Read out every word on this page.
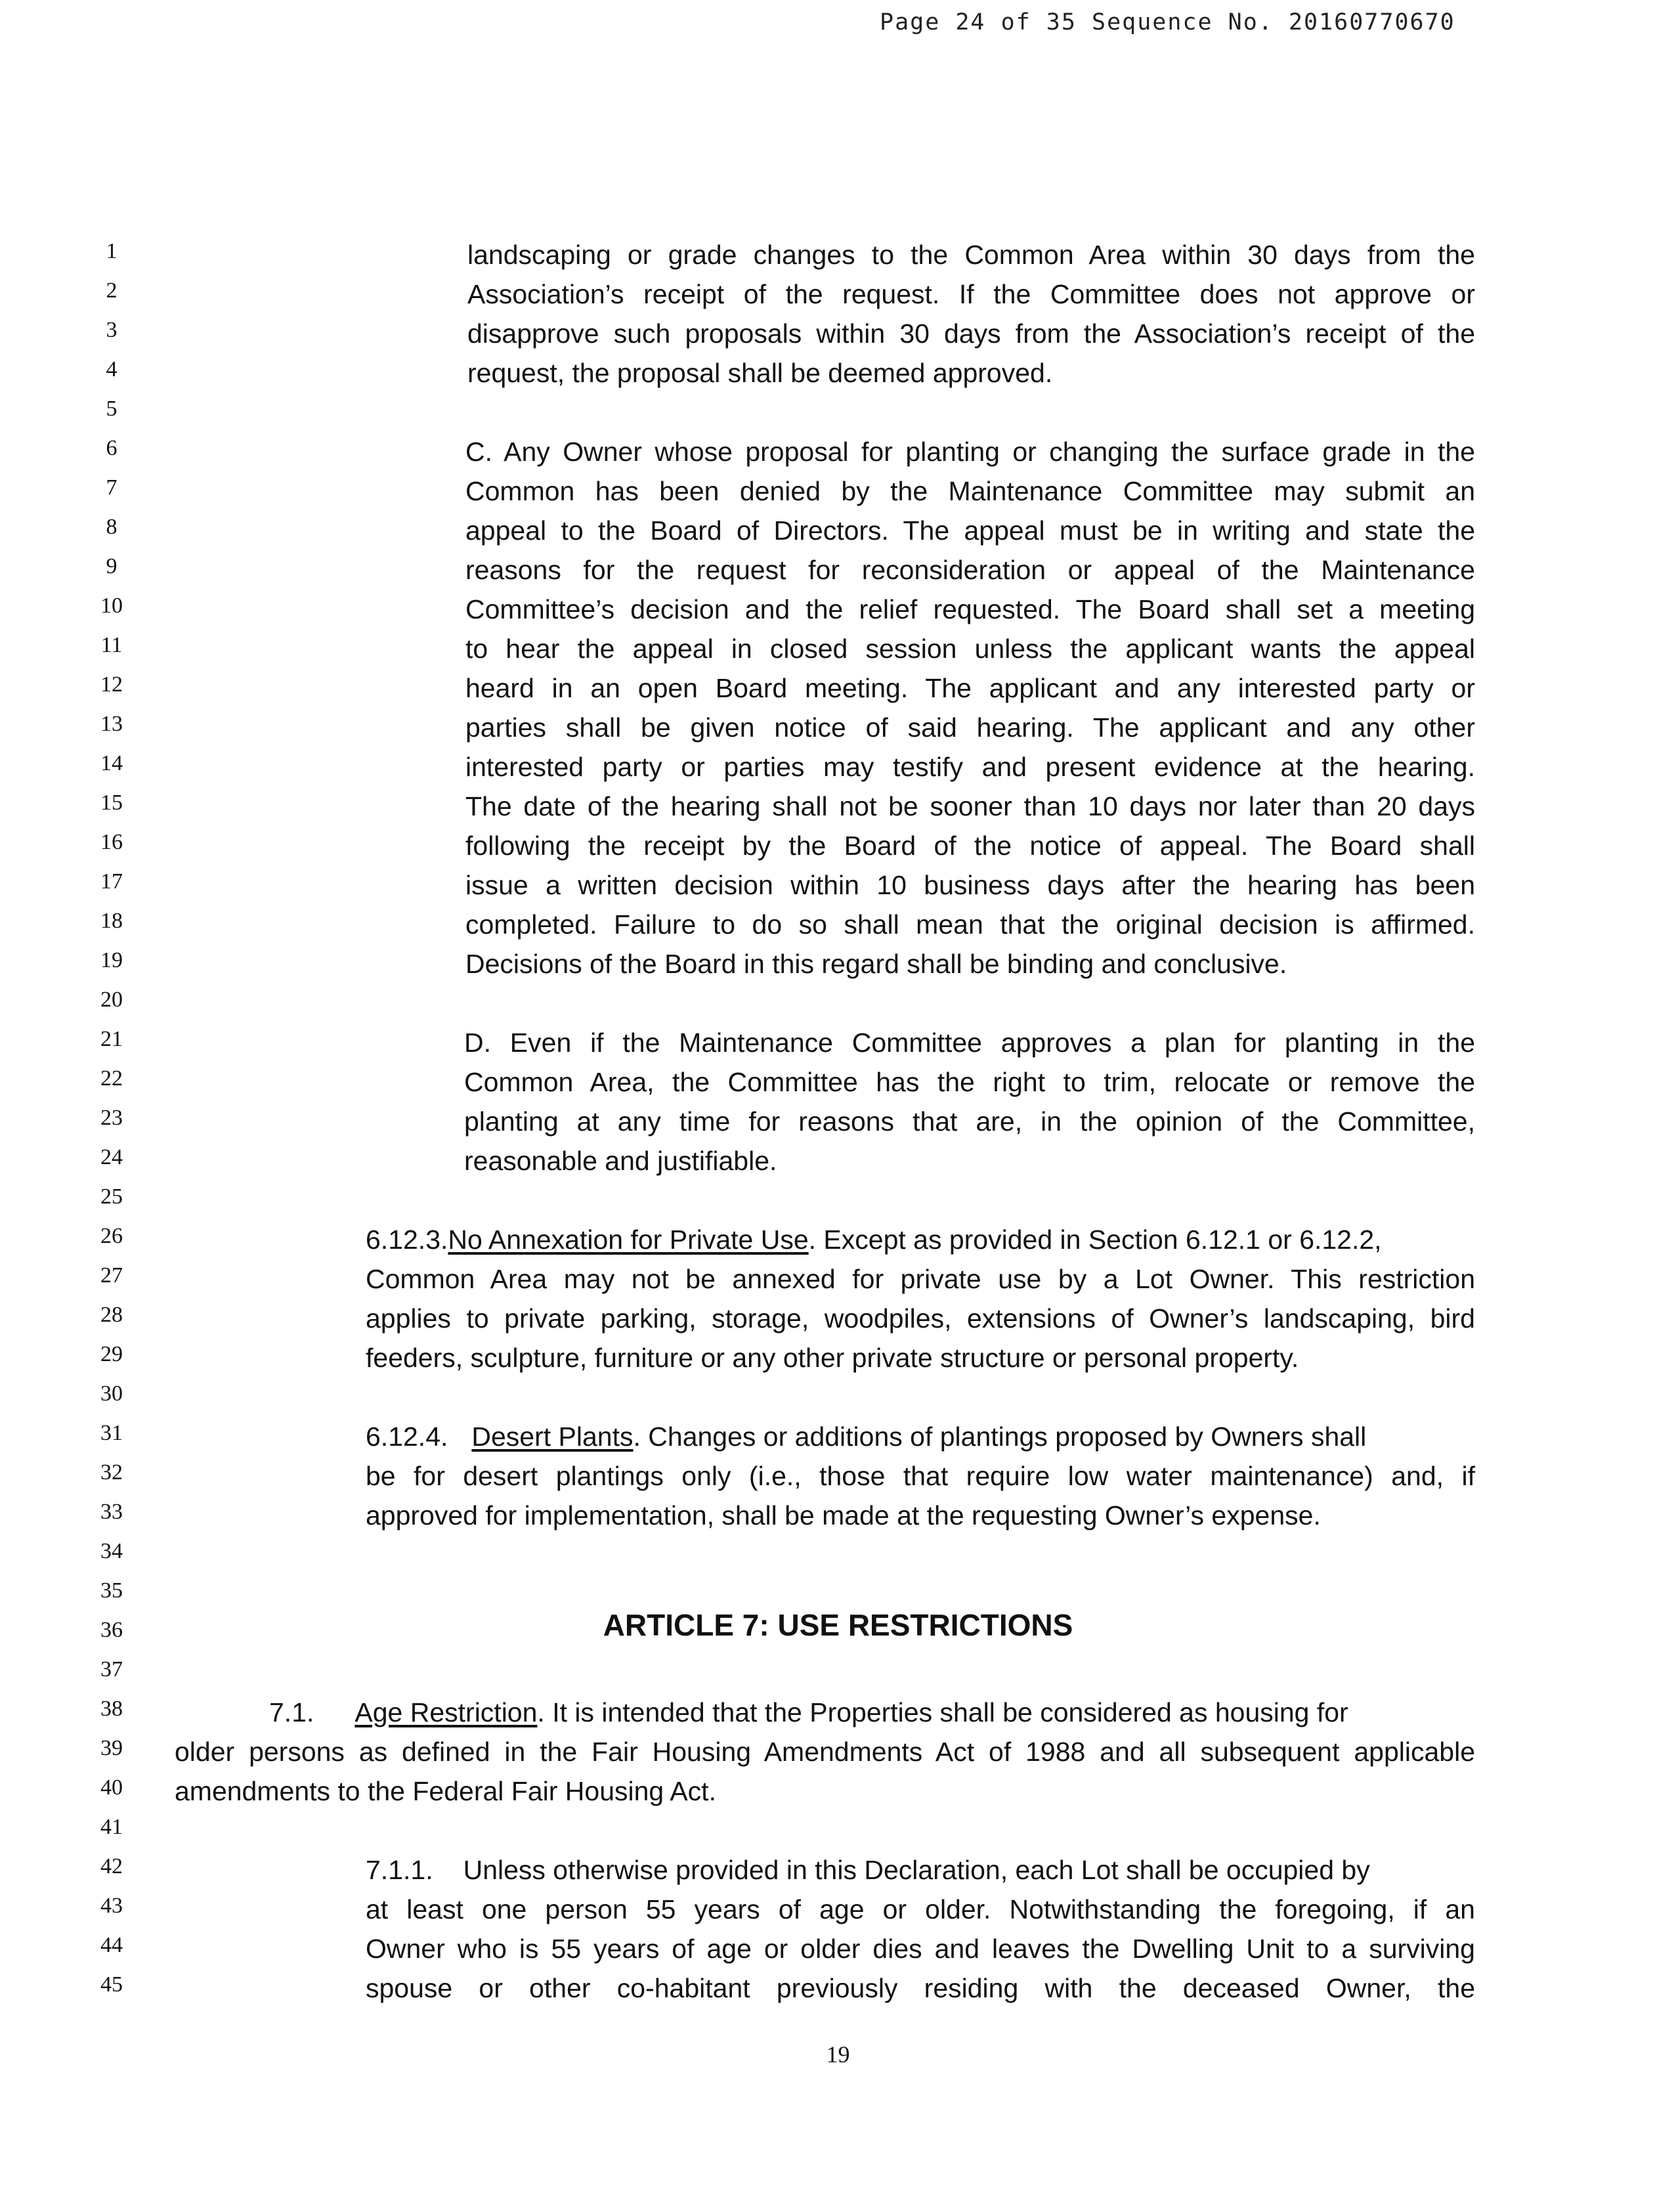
Page 24 of 35 Sequence No. 20160770670
1
2
3
4
5
6
7
8
9
10
11
12
13
14
15
16
17
18
19
20
21
22
23
24
25
26
27
28
29
30
31
32
33
34
35
36
37
38
39
40
41
42
43
44
45
landscaping or grade changes to the Common Area within 30 days from the
Association’s receipt of the request. If the Committee does not approve or
disapprove such proposals within 30 days from the Association’s receipt of the
request, the proposal shall be deemed approved.
C. Any Owner whose proposal for planting or changing the surface grade in the
Common has been denied by the Maintenance Committee may submit an
appeal to the Board of Directors. The appeal must be in writing and state the
reasons for the request for reconsideration or appeal of the Maintenance
Committee’s decision and the relief requested. The Board shall set a meeting
to hear the appeal in closed session unless the applicant wants the appeal
heard in an open Board meeting. The applicant and any interested party or
parties shall be given notice of said hearing. The applicant and any other
interested party or parties may testify and present evidence at the hearing.
The date of the hearing shall not be sooner than 10 days nor later than 20 days
following the receipt by the Board of the notice of appeal. The Board shall
issue a written decision within 10 business days after the hearing has been
completed. Failure to do so shall mean that the original decision is affirmed.
Decisions of the Board in this regard shall be binding and conclusive.
D. Even if the Maintenance Committee approves a plan for planting in the
Common Area, the Committee has the right to trim, relocate or remove the
planting at any time for reasons that are, in the opinion of the Committee,
reasonable and justifiable.
6.12.3.No Annexation for Private Use. Except as provided in Section 6.12.1 or 6.12.2,
Common Area may not be annexed for private use by a Lot Owner. This restriction
applies to private parking, storage, woodpiles, extensions of Owner’s landscaping, bird
feeders, sculpture, furniture or any other private structure or personal property.
6.12.4. Desert Plants. Changes or additions of plantings proposed by Owners shall
be for desert plantings only (i.e., those that require low water maintenance) and, if
approved for implementation, shall be made at the requesting Owner’s expense.
ARTICLE 7: USE RESTRICTIONS
7.1. Age Restriction. It is intended that the Properties shall be considered as housing for
older persons as defined in the Fair Housing Amendments Act of 1988 and all subsequent applicable
amendments to the Federal Fair Housing Act.
7.1.1. Unless otherwise provided in this Declaration, each Lot shall be occupied by
at least one person 55 years of age or older. Notwithstanding the foregoing, if an
Owner who is 55 years of age or older dies and leaves the Dwelling Unit to a surviving
spouse or other co-habitant previously residing with the deceased Owner, the
19
